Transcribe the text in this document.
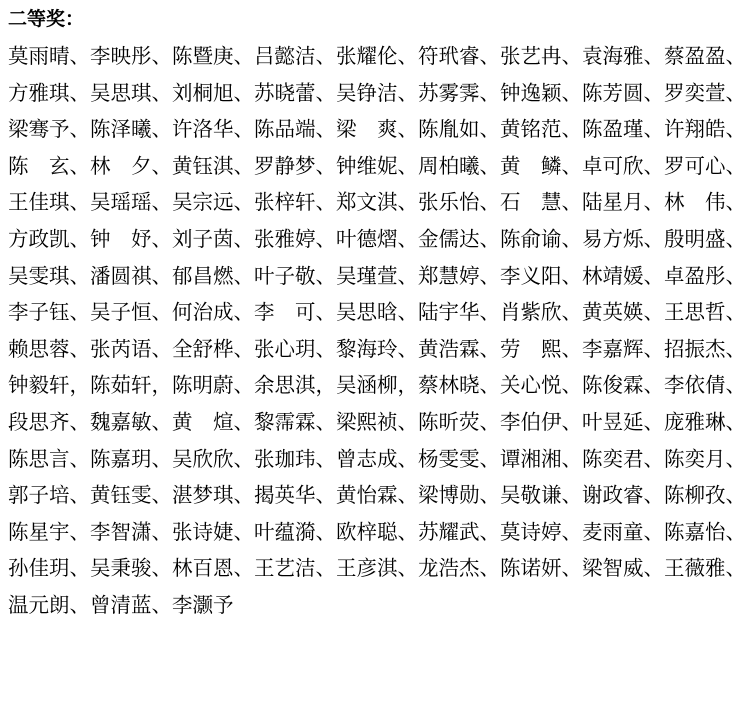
二等奖：
莫雨晴、李映彤、陈暨庚、吕懿洁、张耀伦、符玳睿、张艺冉、袁海雅、蔡盈盈、
方雅琪、吴思琪、刘桐旭、苏晓蕾、吴铮洁、苏雾霁、钟逸颖、陈芳圆、罗奕萱、
梁骞予、陈泽曦、许洛华、陈品端、梁　爽、陈胤如、黄铭范、陈盈瑾、许翔皓、
陈　玄、林　夕、黄钰淇、罗静梦、钟维妮、周柏曦、黄　鳞、卓可欣、罗可心、
王佳琪、吴瑶瑶、吴宗远、张梓轩、郑文淇、张乐怡、石　慧、陆星月、林　伟、
方政凯、钟　妤、刘子茵、张雅婷、叶德熠、金儒达、陈俞谕、易方烁、殷明盛、
吴雯琪、潘圆祺、郁昌燃、叶子敬、吴瑾萱、郑慧婷、李义阳、林靖媛、卓盈彤、
李子钰、吴子恒、何治成、李　可、吴思晗、陆宇华、肖紫欣、黄英媖、王思哲、
赖思蓉、张芮语、全舒桦、张心玥、黎海玲、黄浩霖、劳　熙、李嘉辉、招振杰、
钟毅轩，陈茹轩，陈明蔚、余思淇，吴涵柳，蔡林晓、关心悦、陈俊霖、李依倩、
段思齐、魏嘉敏、黄　煊、黎霈霖、梁熙祯、陈昕荧、李伯伊、叶昱延、庞雅琳、
陈思言、陈嘉玥、吴欣欣、张珈玮、曾志成、杨雯雯、谭湘湘、陈奕君、陈奕月、
郭子培、黄钰雯、湛梦琪、揭英华、黄怡霖、梁博勋、吴敬谦、谢政睿、陈柳孜、
陈星宇、李智潇、张诗婕、叶蕴漪、欧梓聪、苏耀武、莫诗婷、麦雨童、陈嘉怡、
孙佳玥、吴秉骏、林百恩、王艺洁、王彦淇、龙浩杰、陈诺妍、梁智威、王薇雅、
温元朗、曾清蓝、李灏予
